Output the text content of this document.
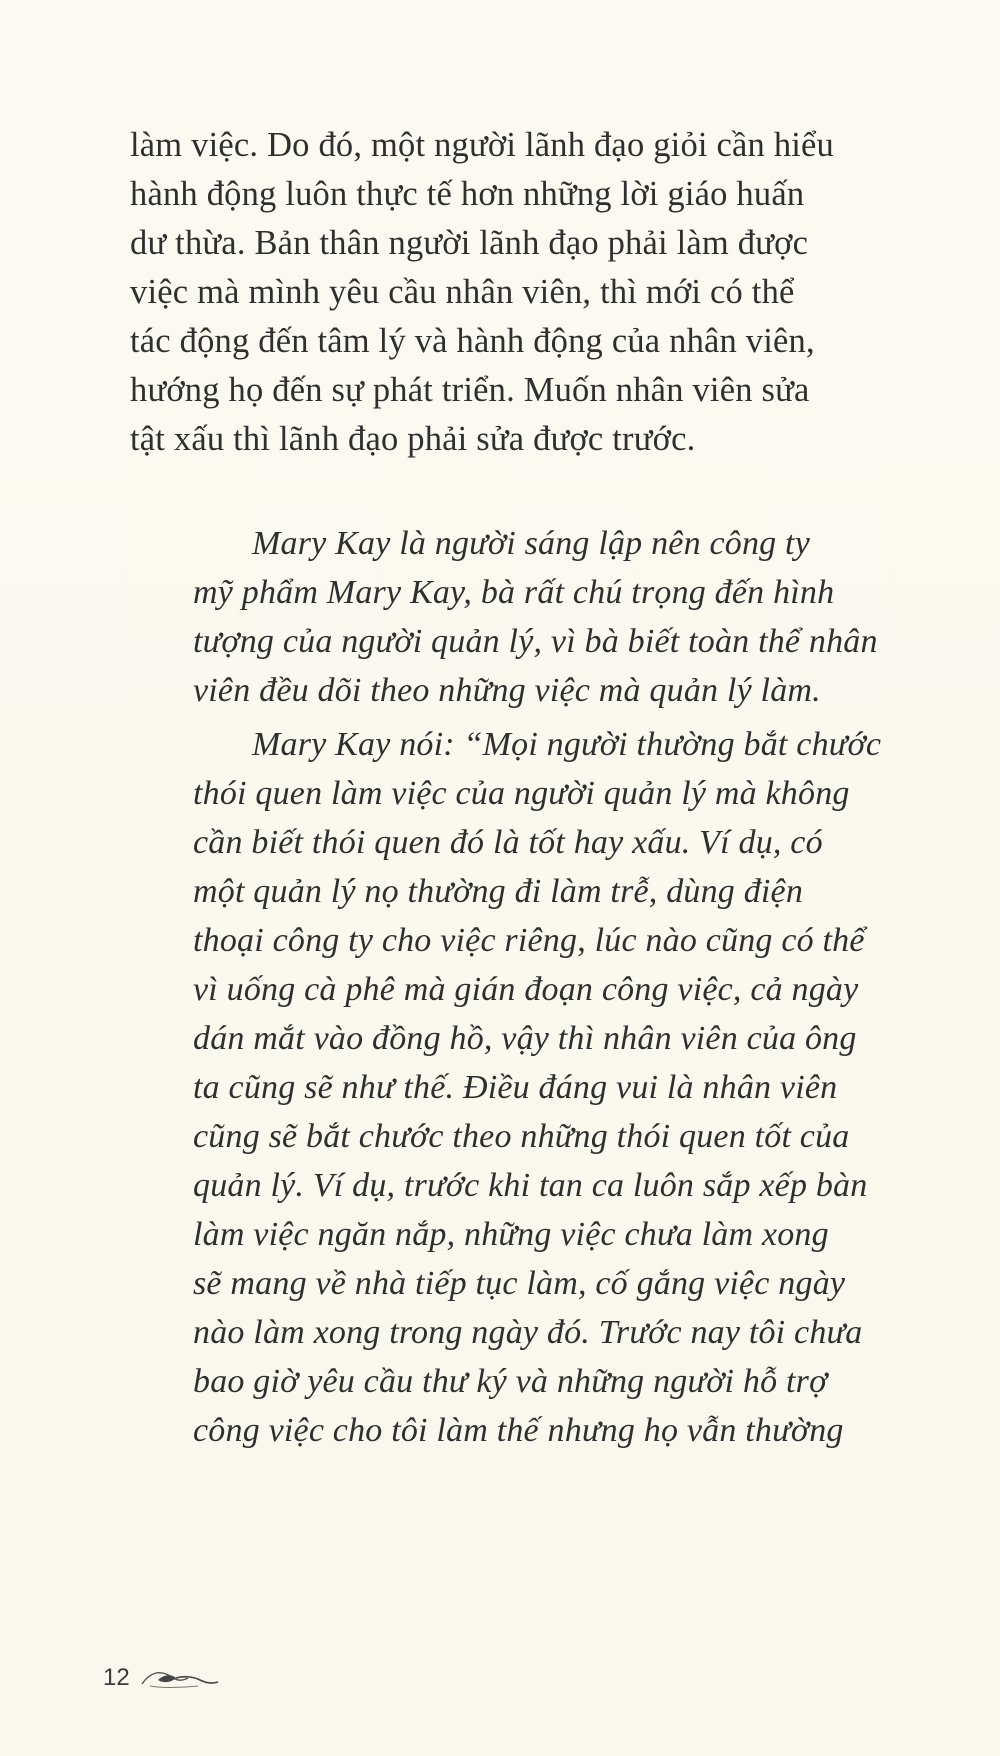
làm việc. Do đó, một người lãnh đạo giỏi cần hiểu
hành động luôn thực tế hơn những lời giáo huấn
dư thừa. Bản thân người lãnh đạo phải làm được
việc mà mình yêu cầu nhân viên, thì mới có thể
tác động đến tâm lý và hành động của nhân viên,
hướng họ đến sự phát triển. Muốn nhân viên sửa
tật xấu thì lãnh đạo phải sửa được trước.
Mary Kay là người sáng lập nên công ty
mỹ phẩm Mary Kay, bà rất chú trọng đến hình
tượng của người quản lý, vì bà biết toàn thể nhân
viên đều dõi theo những việc mà quản lý làm.
Mary Kay nói: “Mọi người thường bắt chước
thói quen làm việc của người quản lý mà không
cần biết thói quen đó là tốt hay xấu. Ví dụ, có
một quản lý nọ thường đi làm trễ, dùng điện
thoại công ty cho việc riêng, lúc nào cũng có thể
vì uống cà phê mà gián đoạn công việc, cả ngày
dán mắt vào đồng hồ, vậy thì nhân viên của ông
ta cũng sẽ như thế. Điều đáng vui là nhân viên
cũng sẽ bắt chước theo những thói quen tốt của
quản lý. Ví dụ, trước khi tan ca luôn sắp xếp bàn
làm việc ngăn nắp, những việc chưa làm xong
sẽ mang về nhà tiếp tục làm, cố gắng việc ngày
nào làm xong trong ngày đó. Trước nay tôi chưa
bao giờ yêu cầu thư ký và những người hỗ trợ
công việc cho tôi làm thế nhưng họ vẫn thường
12
